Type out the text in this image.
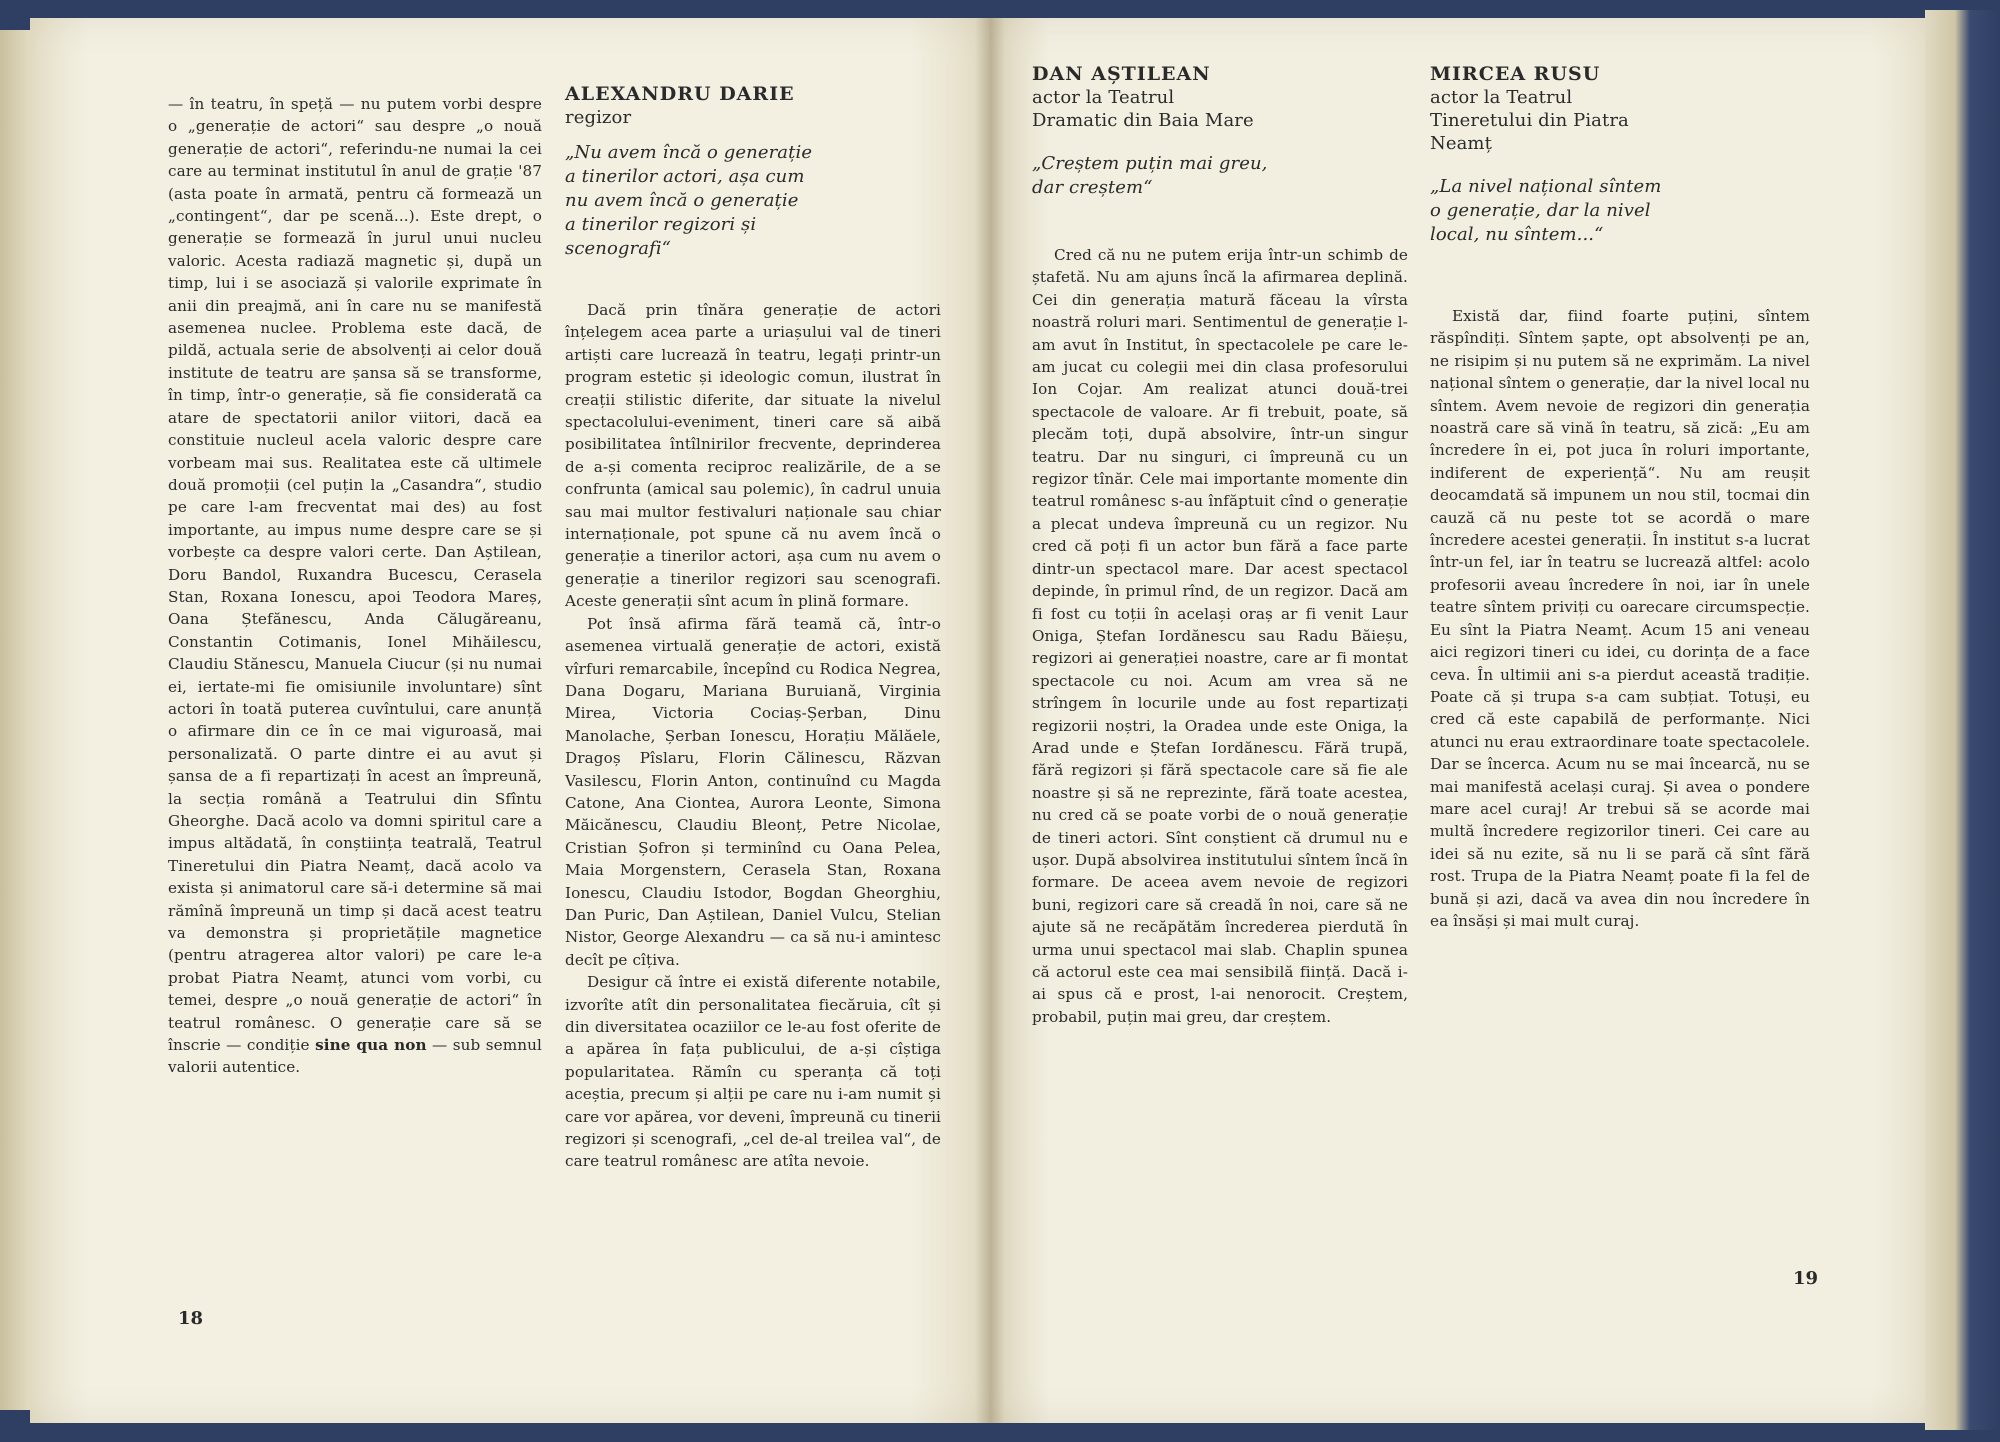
— în teatru, în speță — nu putem vorbi despre o „generație de actori“ sau despre „o nouă generație de actori“, referindu-ne numai la cei care au terminat institutul în anul de grație '87 (asta poate în armată, pentru că formează un „contingent“, dar pe scenă...). Este drept, o generație se formează în jurul unui nucleu valoric. Acesta radiază magnetic și, după un timp, lui i se asociază și valorile exprimate în anii din preajmă, ani în care nu se manifestă asemenea nuclee. Problema este dacă, de pildă, actuala serie de absolvenți ai celor două institute de teatru are șansa să se transforme, în timp, într-o generație, să fie considerată ca atare de spectatorii anilor viitori, dacă ea constituie nucleul acela valoric despre care vorbeam mai sus. Realitatea este că ultimele două promoții (cel puțin la „Casandra“, studio pe care l-am frecventat mai des) au fost importante, au impus nume despre care se și vorbește ca despre valori certe. Dan Aștilean, Doru Bandol, Ruxandra Bucescu, Cerasela Stan, Roxana Ionescu, apoi Teodora Mareș, Oana Ștefănescu, Anda Călugăreanu, Constantin Cotimanis, Ionel Mihăilescu, Claudiu Stănescu, Manuela Ciucur (și nu numai ei, iertate-mi fie omisiunile involuntare) sînt actori în toată puterea cuvîntului, care anunță o afirmare din ce în ce mai viguroasă, mai personalizată. O parte dintre ei au avut și șansa de a fi repartizați în acest an împreună, la secția română a Teatrului din Sfîntu Gheorghe. Dacă acolo va domni spiritul care a impus altădată, în conștiința teatrală, Teatrul Tineretului din Piatra Neamț, dacă acolo va exista și animatorul care să-i determine să mai rămînă împreună un timp și dacă acest teatru va demonstra și proprietățile magnetice (pentru atragerea altor valori) pe care le-a probat Piatra Neamț, atunci vom vorbi, cu temei, despre „o nouă generație de actori“ în teatrul românesc. O generație care să se înscrie — condiție sine qua non — sub semnul valorii autentice.

ALEXANDRU DARIE

regizor

„Nu avem încă o generație a tinerilor actori, așa cum nu avem încă o generație a tinerilor regizori și scenografi“

Dacă prin tînăra generație de actori înțelegem acea parte a uriașului val de tineri artiști care lucrează în teatru, legați printr-un program estetic și ideologic comun, ilustrat în creații stilistic diferite, dar situate la nivelul spectacolului-eveniment, tineri care să aibă posibilitatea întîlnirilor frecvente, deprinderea de a-și comenta reciproc realizările, de a se confrunta (amical sau polemic), în cadrul unuia sau mai multor festivaluri naționale sau chiar internaționale, pot spune că nu avem încă o generație a tinerilor actori, așa cum nu avem o generație a tinerilor regizori sau scenografi. Aceste generații sînt acum în plină formare.

Pot însă afirma fără teamă că, într-o asemenea virtuală generație de actori, există vîrfuri remarcabile, începînd cu Rodica Negrea, Dana Dogaru, Mariana Buruiană, Virginia Mirea, Victoria Cociaș-Șerban, Dinu Manolache, Șerban Ionescu, Horațiu Mălăele, Dragoș Pîslaru, Florin Călinescu, Răzvan Vasilescu, Florin Anton, continuînd cu Magda Catone, Ana Ciontea, Aurora Leonte, Simona Măicănescu, Claudiu Bleonț, Petre Nicolae, Cristian Șofron și terminînd cu Oana Pelea, Maia Morgenstern, Cerasela Stan, Roxana Ionescu, Claudiu Istodor, Bogdan Gheorghiu, Dan Puric, Dan Aștilean, Daniel Vulcu, Stelian Nistor, George Alexandru — ca să nu-i amintesc decît pe cîțiva.

Desigur că între ei există diferente notabile, izvorîte atît din personalitatea fiecăruia, cît și din diversitatea ocaziilor ce le-au fost oferite de a apărea în fața publicului, de a-și cîștiga popularitatea. Rămîn cu speranța că toți aceștia, precum și alții pe care nu i-am numit și care vor apărea, vor deveni, împreună cu tinerii regizori și scenografi, „cel de-al treilea val“, de care teatrul românesc are atîta nevoie.

18

DAN AȘTILEAN

actor la Teatrul Dramatic din Baia Mare

„Creștem puțin mai greu, dar creștem“

Cred că nu ne putem erija într-un schimb de ștafetă. Nu am ajuns încă la afirmarea deplină. Cei din generația matură făceau la vîrsta noastră roluri mari. Sentimentul de generație l-am avut în Institut, în spectacolele pe care le-am jucat cu colegii mei din clasa profesorului Ion Cojar. Am realizat atunci două-trei spectacole de valoare. Ar fi trebuit, poate, să plecăm toți, după absolvire, într-un singur teatru. Dar nu singuri, ci împreună cu un regizor tînăr. Cele mai importante momente din teatrul românesc s-au înfăptuit cînd o generație a plecat undeva împreună cu un regizor. Nu cred că poți fi un actor bun fără a face parte dintr-un spectacol mare. Dar acest spectacol depinde, în primul rînd, de un regizor. Dacă am fi fost cu toții în același oraș ar fi venit Laur Oniga, Ștefan Iordănescu sau Radu Băieșu, regizori ai generației noastre, care ar fi montat spectacole cu noi. Acum am vrea să ne strîngem în locurile unde au fost repartizați regizorii noștri, la Oradea unde este Oniga, la Arad unde e Ștefan Iordănescu. Fără trupă, fără regizori și fără spectacole care să fie ale noastre și să ne reprezinte, fără toate acestea, nu cred că se poate vorbi de o nouă generație de tineri actori. Sînt conștient că drumul nu e ușor. După absolvirea institutului sîntem încă în formare. De aceea avem nevoie de regizori buni, regizori care să creadă în noi, care să ne ajute să ne recăpătăm încrederea pierdută în urma unui spectacol mai slab. Chaplin spunea că actorul este cea mai sensibilă ființă. Dacă i-ai spus că e prost, l-ai nenorocit. Creștem, probabil, puțin mai greu, dar creștem.

MIRCEA RUSU

actor la Teatrul Tineretului din Piatra Neamț

„La nivel național sîntem o generație, dar la nivel local, nu sîntem...“

Există dar, fiind foarte puțini, sîntem răspîndiți. Sîntem șapte, opt absolvenți pe an, ne risipim și nu putem să ne exprimăm. La nivel național sîntem o generație, dar la nivel local nu sîntem. Avem nevoie de regizori din generația noastră care să vină în teatru, să zică: „Eu am încredere în ei, pot juca în roluri importante, indiferent de experiență“. Nu am reușit deocamdată să impunem un nou stil, tocmai din cauză că nu peste tot se acordă o mare încredere acestei generații. În institut s-a lucrat într-un fel, iar în teatru se lucrează altfel: acolo profesorii aveau încredere în noi, iar în unele teatre sîntem priviți cu oarecare circumspecție. Eu sînt la Piatra Neamț. Acum 15 ani veneau aici regizori tineri cu idei, cu dorința de a face ceva. În ultimii ani s-a pierdut această tradiție. Poate că și trupa s-a cam subțiat. Totuși, eu cred că este capabilă de performanțe. Nici atunci nu erau extraordinare toate spectacolele. Dar se încerca. Acum nu se mai încearcă, nu se mai manifestă același curaj. Și avea o pondere mare acel curaj! Ar trebui să se acorde mai multă încredere regizorilor tineri. Cei care au idei să nu ezite, să nu li se pară că sînt fără rost. Trupa de la Piatra Neamț poate fi la fel de bună și azi, dacă va avea din nou încredere în ea însăși și mai mult curaj.

19
